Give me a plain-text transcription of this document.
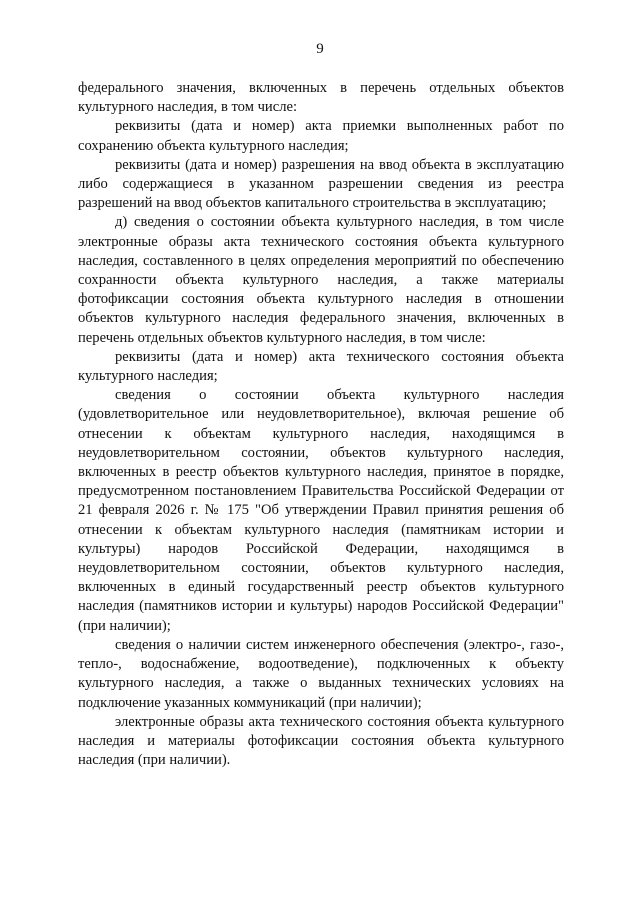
9

федерального значения, включенных в перечень отдельных объектов культурного наследия, в том числе:

реквизиты (дата и номер) акта приемки выполненных работ по сохранению объекта культурного наследия;

реквизиты (дата и номер) разрешения на ввод объекта в эксплуатацию либо содержащиеся в указанном разрешении сведения из реестра разрешений на ввод объектов капитального строительства в эксплуатацию;

д) сведения о состоянии объекта культурного наследия, в том числе электронные образы акта технического состояния объекта культурного наследия, составленного в целях определения мероприятий по обеспечению сохранности объекта культурного наследия, а также материалы фотофиксации состояния объекта культурного наследия в отношении объектов культурного наследия федерального значения, включенных в перечень отдельных объектов культурного наследия, в том числе:

реквизиты (дата и номер) акта технического состояния объекта культурного наследия;

сведения о состоянии объекта культурного наследия (удовлетворительное или неудовлетворительное), включая решение об отнесении к объектам культурного наследия, находящимся в неудовлетворительном состоянии, объектов культурного наследия, включенных в реестр объектов культурного наследия, принятое в порядке, предусмотренном постановлением Правительства Российской Федерации от 21 февраля 2026 г. № 175 "Об утверждении Правил принятия решения об отнесении к объектам культурного наследия (памятникам истории и культуры) народов Российской Федерации, находящимся в неудовлетворительном состоянии, объектов культурного наследия, включенных в единый государственный реестр объектов культурного наследия (памятников истории и культуры) народов Российской Федерации" (при наличии);

сведения о наличии систем инженерного обеспечения (электро-, газо-, тепло-, водоснабжение, водоотведение), подключенных к объекту культурного наследия, а также о выданных технических условиях на подключение указанных коммуникаций (при наличии);

электронные образы акта технического состояния объекта культурного наследия и материалы фотофиксации состояния объекта культурного наследия (при наличии).
